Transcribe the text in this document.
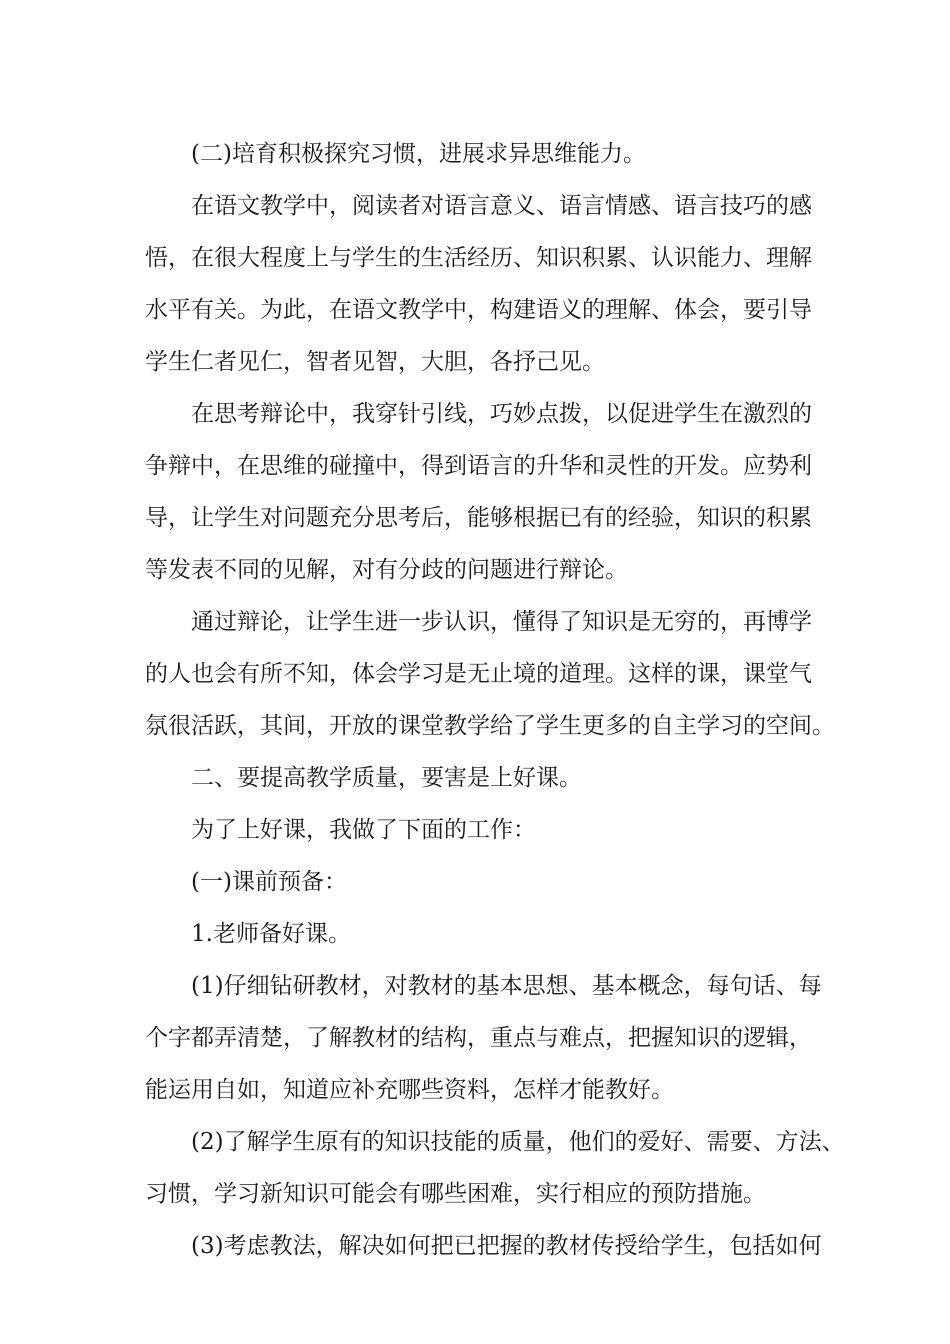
(二)培育积极探究习惯，进展求异思维能力。
在语文教学中，阅读者对语言意义、语言情感、语言技巧的感
悟，在很大程度上与学生的生活经历、知识积累、认识能力、理解
水平有关。为此，在语文教学中，构建语义的理解、体会，要引导
学生仁者见仁，智者见智，大胆，各抒己见。
在思考辩论中，我穿针引线，巧妙点拨，以促进学生在激烈的
争辩中，在思维的碰撞中，得到语言的升华和灵性的开发。应势利
导，让学生对问题充分思考后，能够根据已有的经验，知识的积累
等发表不同的见解，对有分歧的问题进行辩论。
通过辩论，让学生进一步认识，懂得了知识是无穷的，再博学
的人也会有所不知，体会学习是无止境的道理。这样的课，课堂气
氛很活跃，其间，开放的课堂教学给了学生更多的自主学习的空间。
二、要提高教学质量，要害是上好课。
为了上好课，我做了下面的工作：
(一)课前预备：
1.老师备好课。
(1)仔细钻研教材，对教材的基本思想、基本概念，每句话、每
个字都弄清楚，了解教材的结构，重点与难点，把握知识的逻辑，
能运用自如，知道应补充哪些资料，怎样才能教好。
(2)了解学生原有的知识技能的质量，他们的爱好、需要、方法、
习惯，学习新知识可能会有哪些困难，实行相应的预防措施。
(3)考虑教法，解决如何把已把握的教材传授给学生，包括如何
